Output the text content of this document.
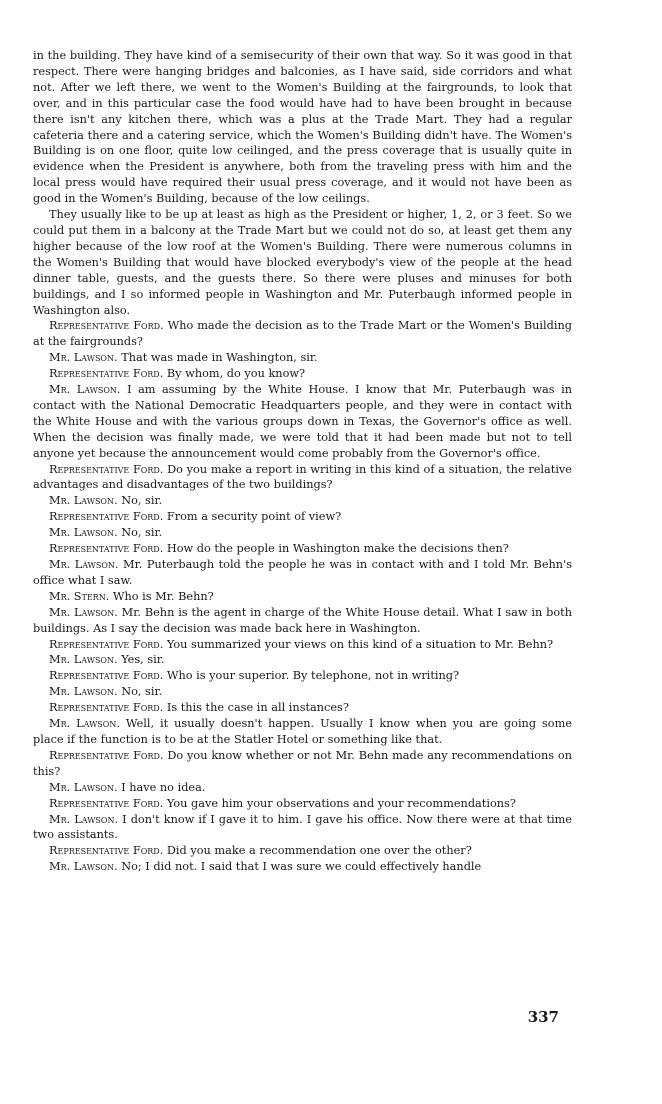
in the building. They have kind of a semisecurity of their own that way. So it was good in that respect. There were hanging bridges and balconies, as I have said, side corridors and what not. After we left there, we went to the Women's Building at the fairgrounds, to look that over, and in this particular case the food would have had to have been brought in because there isn't any kitchen there, which was a plus at the Trade Mart. They had a regular cafeteria there and a catering service, which the Women's Building didn't have. The Women's Building is on one floor, quite low ceilinged, and the press coverage that is usually quite in evidence when the President is anywhere, both from the traveling press with him and the local press would have required their usual press coverage, and it would not have been as good in the Women's Building, because of the low ceilings.

They usually like to be up at least as high as the President or higher, 1, 2, or 3 feet. So we could put them in a balcony at the Trade Mart but we could not do so, at least get them any higher because of the low roof at the Women's Building. There were numerous columns in the Women's Building that would have blocked everybody's view of the people at the head dinner table, guests, and the guests there. So there were pluses and minuses for both buildings, and I so informed people in Washington and Mr. Puterbaugh informed people in Washington also.

Representative Ford. Who made the decision as to the Trade Mart or the Women's Building at the fairgrounds?

Mr. Lawson. That was made in Washington, sir.

Representative Ford. By whom, do you know?

Mr. Lawson. I am assuming by the White House. I know that Mr. Puterbaugh was in contact with the National Democratic Headquarters people, and they were in contact with the White House and with the various groups down in Texas, the Governor's office as well. When the decision was finally made, we were told that it had been made but not to tell anyone yet because the announcement would come probably from the Governor's office.

Representative Ford. Do you make a report in writing in this kind of a situation, the relative advantages and disadvantages of the two buildings?

Mr. Lawson. No, sir.

Representative Ford. From a security point of view?

Mr. Lawson. No, sir.

Representative Ford. How do the people in Washington make the decisions then?

Mr. Lawson. Mr. Puterbaugh told the people he was in contact with and I told Mr. Behn's office what I saw.

Mr. Stern. Who is Mr. Behn?

Mr. Lawson. Mr. Behn is the agent in charge of the White House detail. What I saw in both buildings. As I say the decision was made back here in Washington.

Representative Ford. You summarized your views on this kind of a situation to Mr. Behn?

Mr. Lawson. Yes, sir.

Representative Ford. Who is your superior. By telephone, not in writing?

Mr. Lawson. No, sir.

Representative Ford. Is this the case in all instances?

Mr. Lawson. Well, it usually doesn't happen. Usually I know when you are going some place if the function is to be at the Statler Hotel or something like that.

Representative Ford. Do you know whether or not Mr. Behn made any recommendations on this?

Mr. Lawson. I have no idea.

Representative Ford. You gave him your observations and your recommendations?

Mr. Lawson. I don't know if I gave it to him. I gave his office. Now there were at that time two assistants.

Representative Ford. Did you make a recommendation one over the other?

Mr. Lawson. No; I did not. I said that I was sure we could effectively handle

337
